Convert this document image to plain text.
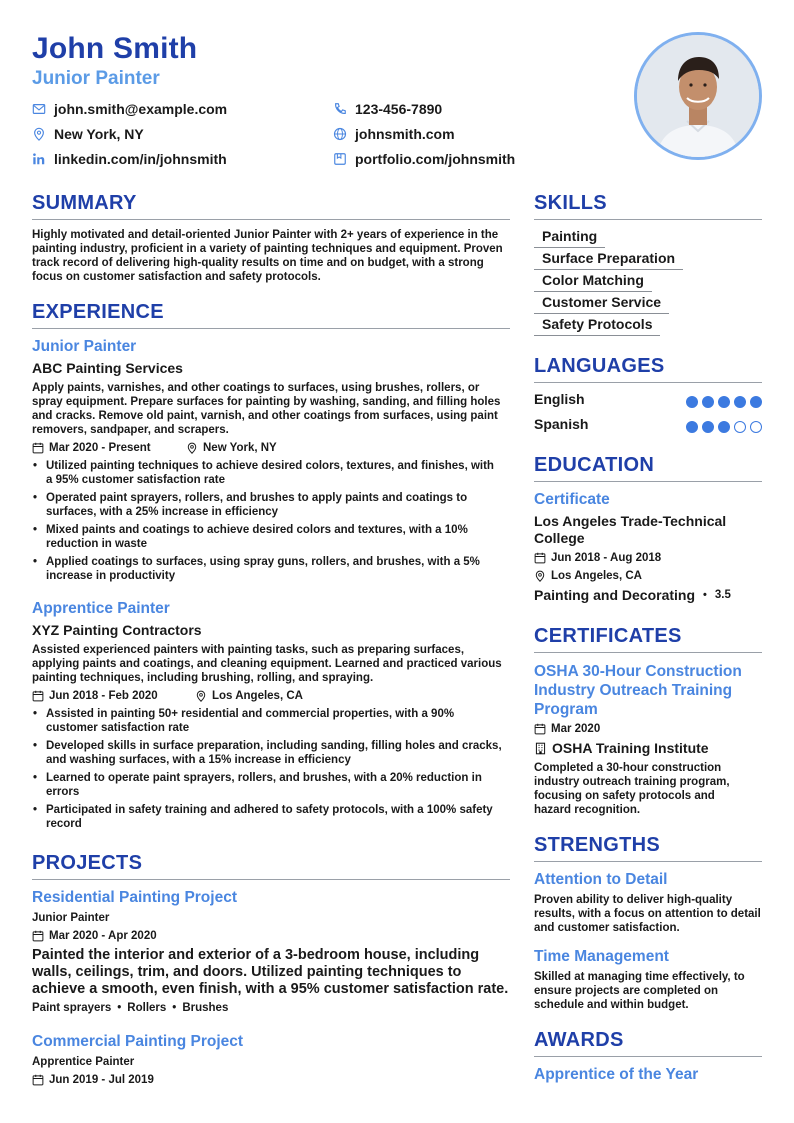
John Smith
Junior Painter
john.smith@example.com	123-456-7890
New York, NY	johnsmith.com
linkedin.com/in/johnsmith	portfolio.com/johnsmith
SUMMARY
Highly motivated and detail-oriented Junior Painter with 2+ years of experience in the painting industry, proficient in a variety of painting techniques and equipment. Proven track record of delivering high-quality results on time and on budget, with a strong focus on customer satisfaction and safety protocols.
EXPERIENCE
Junior Painter
ABC Painting Services
Apply paints, varnishes, and other coatings to surfaces, using brushes, rollers, or spray equipment. Prepare surfaces for painting by washing, sanding, and filling holes and cracks. Remove old paint, varnish, and other coatings from surfaces, using paint removers, sandpaper, and scrapers.
Mar 2020 - Present	New York, NY
• Utilized painting techniques to achieve desired colors, textures, and finishes, with a 95% customer satisfaction rate
• Operated paint sprayers, rollers, and brushes to apply paints and coatings to surfaces, with a 25% increase in efficiency
• Mixed paints and coatings to achieve desired colors and textures, with a 10% reduction in waste
• Applied coatings to surfaces, using spray guns, rollers, and brushes, with a 5% increase in productivity
Apprentice Painter
XYZ Painting Contractors
Assisted experienced painters with painting tasks, such as preparing surfaces, applying paints and coatings, and cleaning equipment. Learned and practiced various painting techniques, including brushing, rolling, and spraying.
Jun 2018 - Feb 2020	Los Angeles, CA
• Assisted in painting 50+ residential and commercial properties, with a 90% customer satisfaction rate
• Developed skills in surface preparation, including sanding, filling holes and cracks, and washing surfaces, with a 15% increase in efficiency
• Learned to operate paint sprayers, rollers, and brushes, with a 20% reduction in errors
• Participated in safety training and adhered to safety protocols, with a 100% safety record
PROJECTS
Residential Painting Project
Junior Painter
Mar 2020 - Apr 2020
Painted the interior and exterior of a 3-bedroom house, including walls, ceilings, trim, and doors. Utilized painting techniques to achieve a smooth, even finish, with a 95% customer satisfaction rate.
Paint sprayers • Rollers • Brushes
Commercial Painting Project
Apprentice Painter
Jun 2019 - Jul 2019
SKILLS
Painting
Surface Preparation
Color Matching
Customer Service
Safety Protocols
LANGUAGES
English
Spanish
EDUCATION
Certificate
Los Angeles Trade-Technical College
Jun 2018 - Aug 2018
Los Angeles, CA
Painting and Decorating • 3.5
CERTIFICATES
OSHA 30-Hour Construction Industry Outreach Training Program
Mar 2020
OSHA Training Institute
Completed a 30-hour construction industry outreach training program, focusing on safety protocols and hazard recognition.
STRENGTHS
Attention to Detail
Proven ability to deliver high-quality results, with a focus on attention to detail and customer satisfaction.
Time Management
Skilled at managing time effectively, to ensure projects are completed on schedule and within budget.
AWARDS
Apprentice of the Year
